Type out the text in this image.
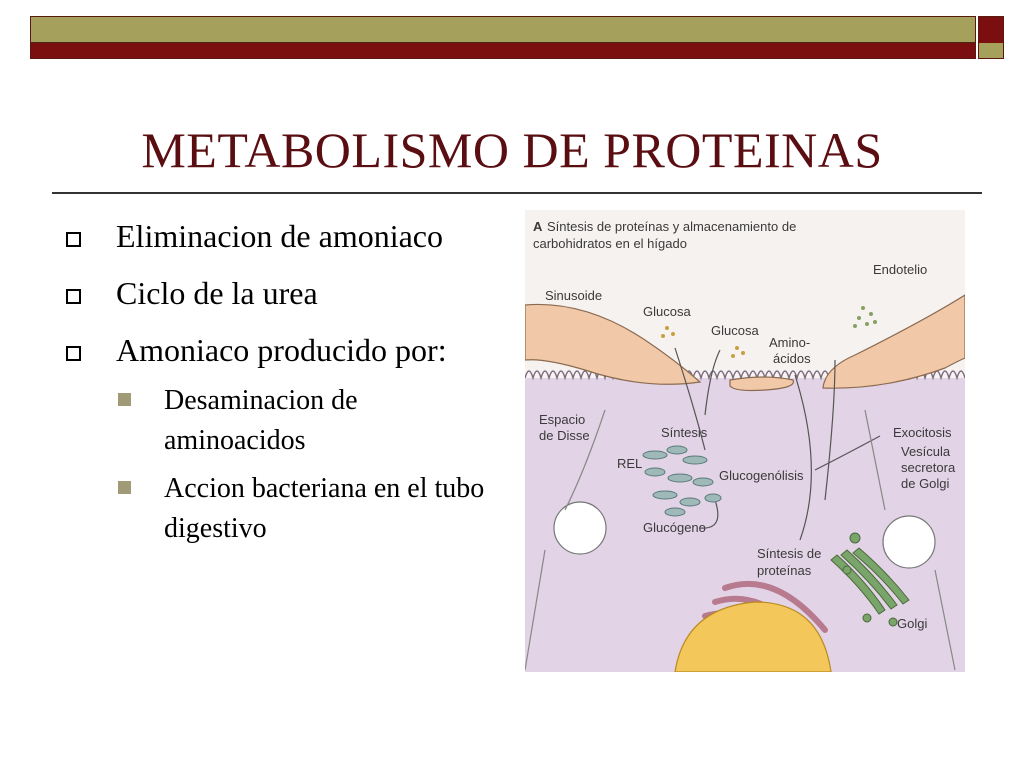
METABOLISMO DE PROTEINAS
Eliminacion de amoniaco
Ciclo de la urea
Amoniaco producido por:
Desaminacion de aminoacidos
Accion bacteriana en el tubo digestivo
A Síntesis de proteínas y almacenamiento de
carbohidratos en el hígado
Endotelio
Sinusoide
Glucosa
Glucosa
Amino-
ácidos
Espacio
de Disse	Síntesis	Exocitosis
Vesícula
secretora
de Golgi
REL
Glucogenólisis
Glucógeno
Síntesis de
proteínas
Golgi
